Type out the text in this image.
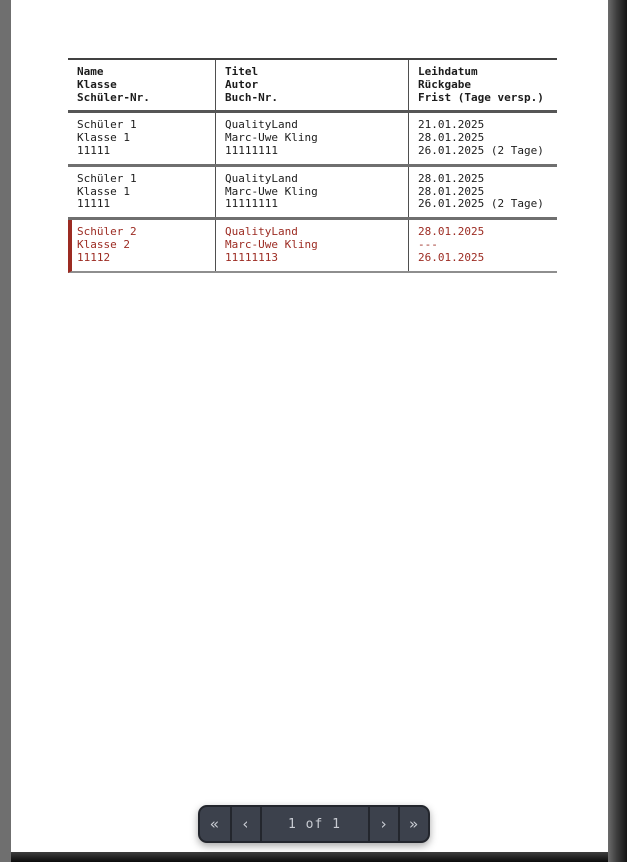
Name
Klasse
Schüler-Nr.
Titel
Autor
Buch-Nr.
Leihdatum
Rückgabe
Frist (Tage versp.)
Schüler 1
Klasse 1
11111
QualityLand
Marc-Uwe Kling
11111111
21.01.2025
28.01.2025
26.01.2025 (2 Tage)
Schüler 1
Klasse 1
11111
QualityLand
Marc-Uwe Kling
11111111
28.01.2025
28.01.2025
26.01.2025 (2 Tage)
Schüler 2
Klasse 2
11112
QualityLand
Marc-Uwe Kling
11111113
28.01.2025
---
26.01.2025
« ‹	1 of 1	› »
